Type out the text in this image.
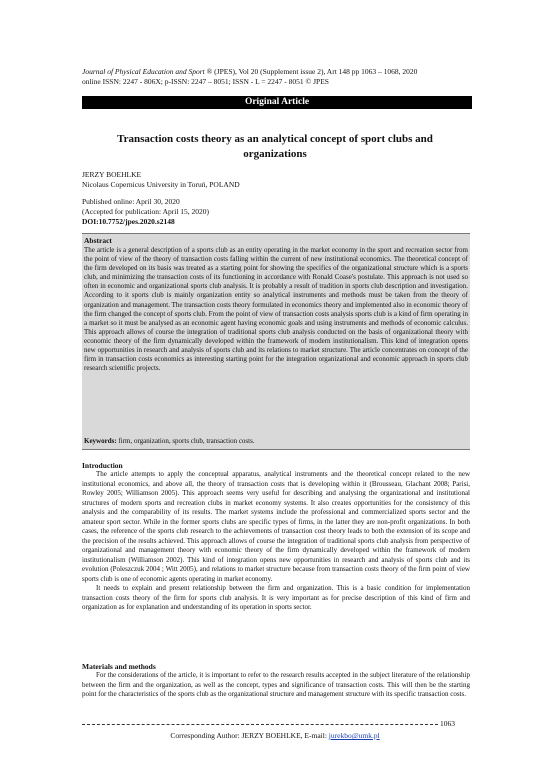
Journal of Physical Education and Sport ® (JPES), Vol 20 (Supplement issue 2), Art 148 pp 1063 – 1068, 2020
online ISSN: 2247 - 806X; p-ISSN: 2247 – 8051; ISSN - L = 2247 - 8051 © JPES
Original Article
Transaction costs theory as an analytical concept of sport clubs and organizations
JERZY BOEHLKE
Nicolaus Copernicus University in Toruń, POLAND
Published online: April 30, 2020
(Accepted for publication: April 15, 2020)
DOI:10.7752/jpes.2020.s2148
Abstract
The article is a general description of a sports club as an entity operating in the market economy in the sport and recreation sector from the point of view of the theory of transaction costs falling within the current of new institutional economics. The theoretical concept of the firm developed on its basis was treated as a starting point for showing the specifics of the organizational structure which is a sports club, and minimizing the transaction costs of its functioning in accordance with Ronald Coase's postulate. This approach is not used so often in economic and organizational sports club analysis. It is probably a result of tradition in sports club description and investigation. According to it sports club is mainly organization entity so analytical instruments and methods must be taken from the theory of organization and management. The transaction costs theory formulated in economics theory and implemented also in economic theory of the firm changed the concept of sports club. From the point of view of transaction costs analysis sports club is a kind of firm operating in a market so it must be analysed as an economic agent having economic goals and using instruments and methods of economic calculus. This approach allows of course the integration of traditional sports club analysis conducted on the basis of organizational theory with economic theory of the firm dynamically developed within the framework of modern institutionalism. This kind of integration opens new opportunities in research and analysis of sports club and its relations to market structure. The article concentrates on concept of the firm in transaction costs economics as interesting starting point for the integration organizational and economic approach in sports club research scientific projects.
Keywords: firm, organization, sports club, transaction costs.
Introduction

The article attempts to apply the conceptual apparatus, analytical instruments and the theoretical concept related to the new institutional economics, and above all, the theory of transaction costs that is developing within it (Brousseau, Glachant 2008; Parisi, Rowley 2005; Williamson 2005). This approach seems very useful for describing and analysing the organizational and institutional structures of modern sports and recreation clubs in market economy systems. It also creates opportunities for the consistency of this analysis and the comparability of its results. The market systems include the professional and commercialized sports sector and the amateur sport sector. While in the former sports clubs are specific types of firms, in the latter they are non-profit organizations. In both cases, the reference of the sports club research to the achievements of transaction cost theory leads to both the extension of its scope and the precision of the results achieved. This approach allows of course the integration of traditional sports club analysis from perspective of organizational and management theory with economic theory of the firm dynamically developed within the framework of modern institutionalism (Williamson 2002). This kind of integration opens new opportunities in research and analysis of sports club and its evolution (Poleszczuk 2004 ; Witt 2005), and relations to market structure because from transaction costs theory of the firm point of view sports club is one of economic agents operating in market economy.

It needs to explain and present relationship between the firm and organization. This is a basic condition for implementation transaction costs theory of the firm for sports club analysis. It is very important as for precise description of this kind of firm and organization as for explanation and understanding of its operation in sports sector.

Materials and methods

For the considerations of the article, it is important to refer to the research results accepted in the subject literature of the relationship between the firm and the organization, as well as the concept, types and significance of transaction costs. This will then be the starting point for the characteristics of the sports club as the organizational structure and management structure with its specific transaction costs.

1063
Corresponding Author: JERZY BOEHLKE, E-mail: jurekbo@umk.pl
